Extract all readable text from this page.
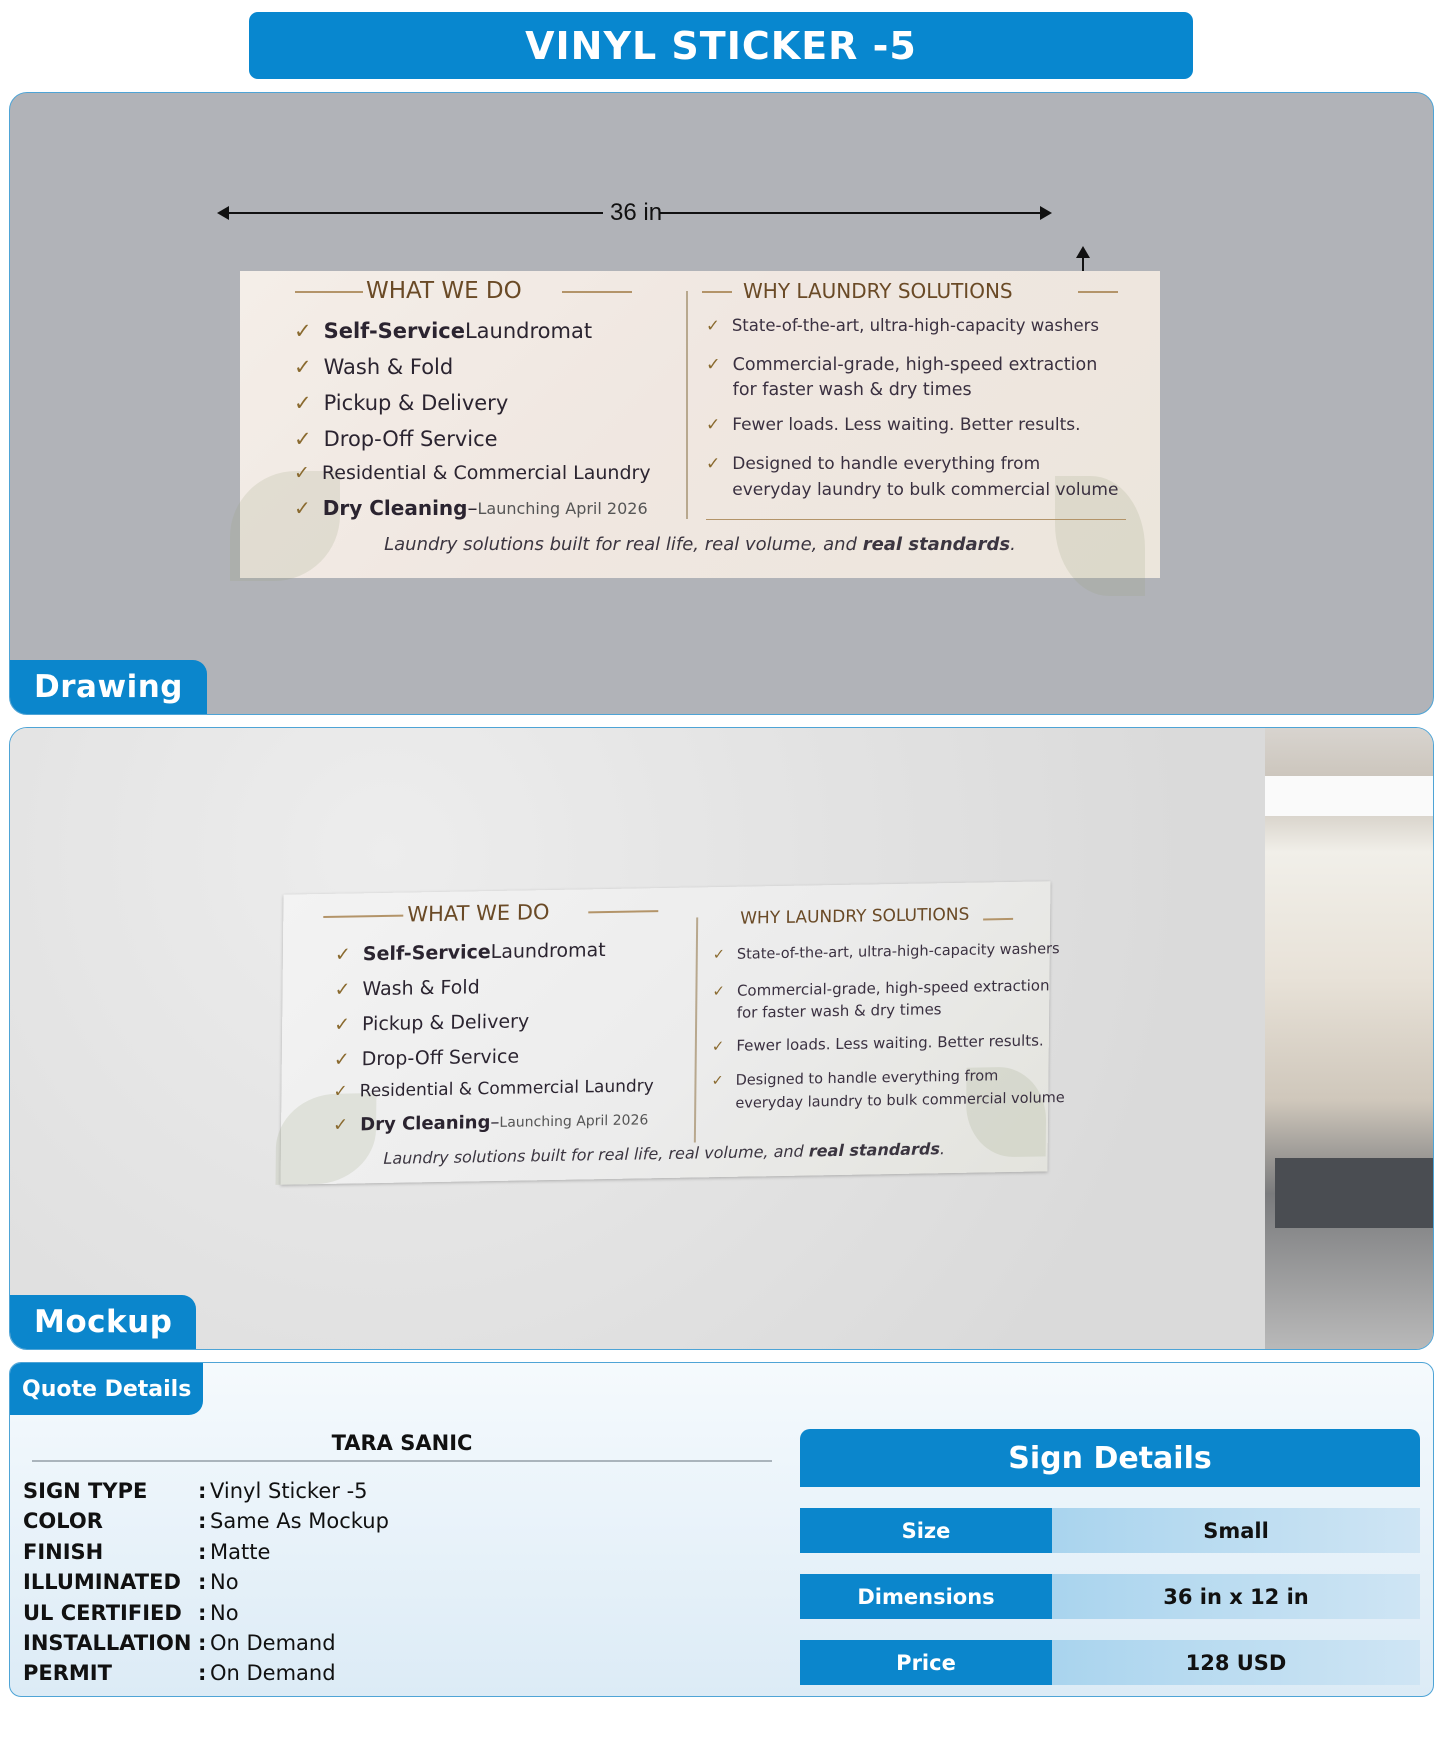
VINYL STICKER -5
36 in
WHAT WE DO
✓ Self-Service Laundromat
✓ Wash & Fold
✓ Pickup & Delivery
✓ Drop-Off Service
✓ Residential & Commercial Laundry
✓ Dry Cleaning – Launching April 2026
WHY LAUNDRY SOLUTIONS
✓ State-of-the-art, ultra-high-capacity washers
✓ Commercial-grade, high-speed extraction
for faster wash & dry times
✓ Fewer loads. Less waiting. Better results.
✓ Designed to handle everything from
everyday laundry to bulk commercial volume
Laundry solutions built for real life, real volume, and real standards.
Drawing
WHAT WE DO
✓ Self-Service Laundromat
✓ Wash & Fold
✓ Pickup & Delivery
✓ Drop-Off Service
✓ Residential & Commercial Laundry
✓ Dry Cleaning – Launching April 2026
WHY LAUNDRY SOLUTIONS
✓ State-of-the-art, ultra-high-capacity washers
✓ Commercial-grade, high-speed extraction
for faster wash & dry times
✓ Fewer loads. Less waiting. Better results.
✓ Designed to handle everything from
everyday laundry to bulk commercial volume
Laundry solutions built for real life, real volume, and real standards.
Mockup
Quote Details
TARA SANIC
SIGN TYPE	: Vinyl Sticker -5
COLOR	: Same As Mockup
FINISH	: Matte
ILLUMINATED : No
UL CERTIFIED : No
INSTALLATION : On Demand
PERMIT	: On Demand
Sign Details
Size	Small
Dimensions	36 in x 12 in
Price	128 USD
